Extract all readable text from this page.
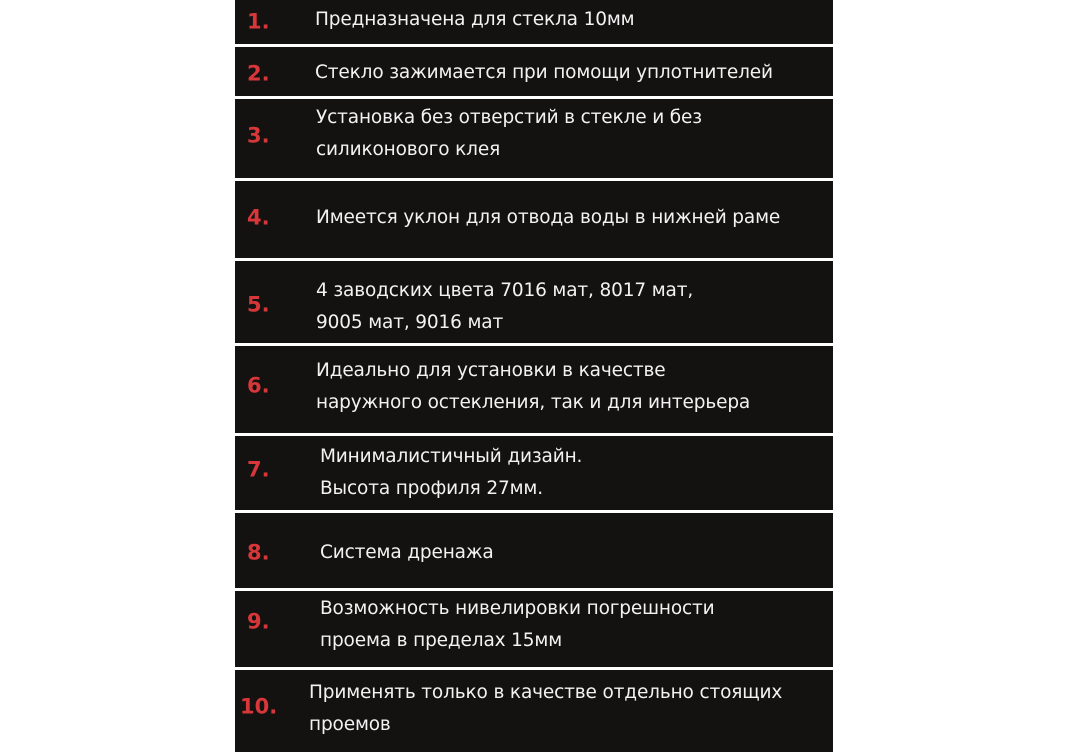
1. Предназначена для стекла 10мм
2. Стекло зажимается при помощи уплотнителей
3.
Установка без отверстий в стекле и без
силиконового клея
4.	Имеется уклон для отвода воды в нижней раме
5.
4 заводских цвета 7016 мат, 8017 мат,
9005 мат, 9016 мат
6.
Идеально для установки в качестве
наружного остекления, так и для интерьера
7.
Минималистичный дизайн.
Высота профиля 27мм.
8.	Система дренажа
9.
Возможность нивелировки погрешности
проема в пределах 15мм
10.
Применять только в качестве отдельно стоящих
проемов
